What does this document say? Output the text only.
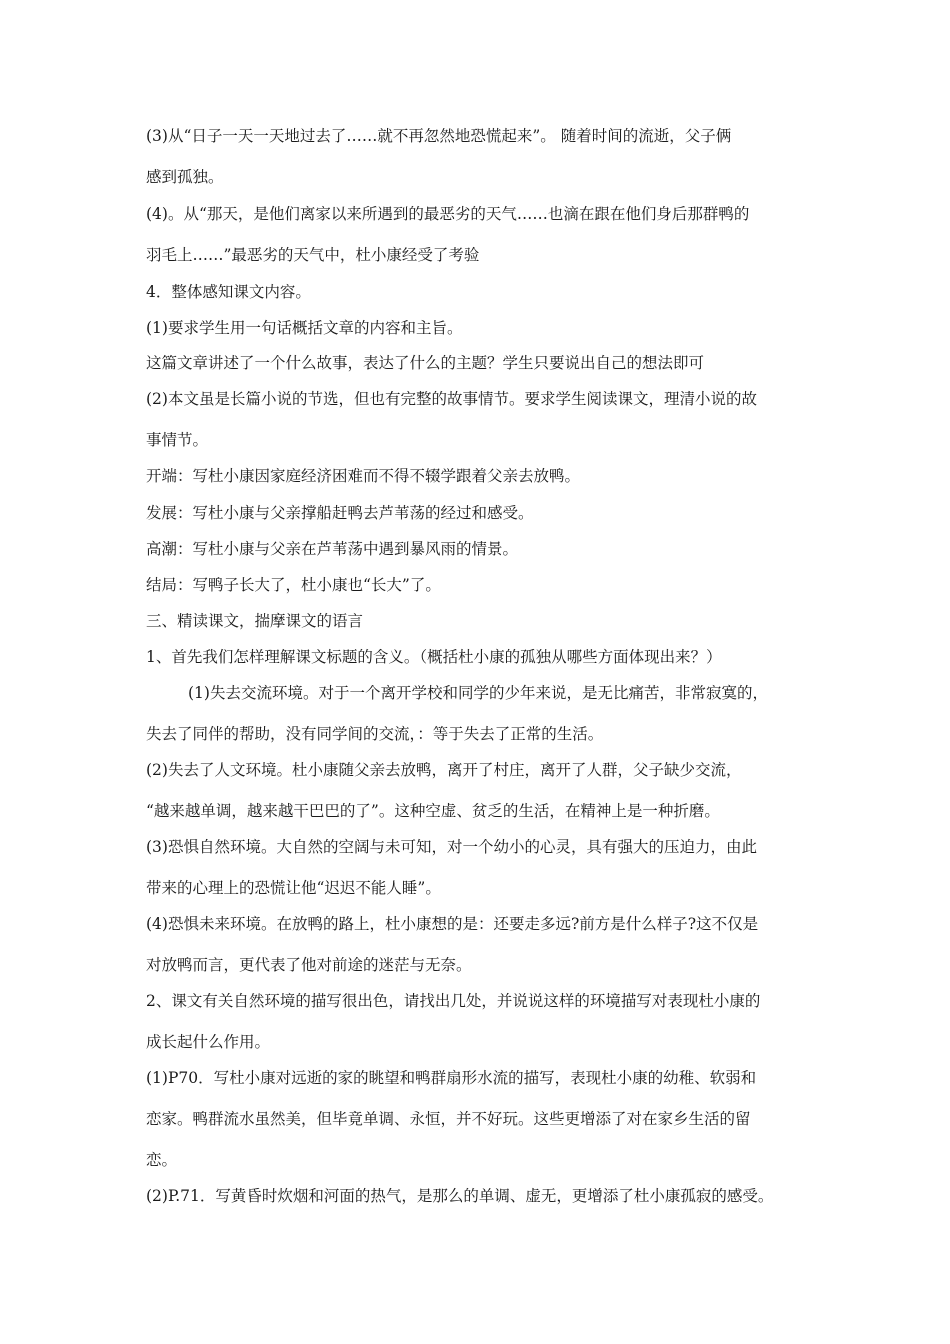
(3)从“日子一天一天地过去了……就不再忽然地恐慌起来”。 随着时间的流逝，父子俩
感到孤独。
(4)。从“那天，是他们离家以来所遇到的最恶劣的天气……也滴在跟在他们身后那群鸭的
羽毛上……”最恶劣的天气中，杜小康经受了考验
4．整体感知课文内容。
(1)要求学生用一句话概括文章的内容和主旨。
这篇文章讲述了一个什么故事，表达了什么的主题？学生只要说出自己的想法即可
(2)本文虽是长篇小说的节选，但也有完整的故事情节。要求学生阅读课文，理清小说的故
事情节。
开端：写杜小康因家庭经济困难而不得不辍学跟着父亲去放鸭。
发展：写杜小康与父亲撑船赶鸭去芦苇荡的经过和感受。
高潮：写杜小康与父亲在芦苇荡中遇到暴风雨的情景。
结局：写鸭子长大了，杜小康也“长大”了。
三、精读课文，揣摩课文的语言
1、首先我们怎样理解课文标题的含义。（概括杜小康的孤独从哪些方面体现出来？）
(1)失去交流环境。对于一个离开学校和同学的少年来说，是无比痛苦，非常寂寞的，
失去了同伴的帮助，没有同学间的交流，：等于失去了正常的生活。
(2)失去了人文环境。杜小康随父亲去放鸭，离开了村庄，离开了人群，父子缺少交流，
“越来越单调，越来越干巴巴的了”。这种空虚、贫乏的生活，在精神上是一种折磨。
(3)恐惧自然环境。大自然的空阔与未可知，对一个幼小的心灵，具有强大的压迫力，由此
带来的心理上的恐慌让他“迟迟不能人睡”。
(4)恐惧未来环境。在放鸭的路上，杜小康想的是：还要走多远?前方是什么样子?这不仅是
对放鸭而言，更代表了他对前途的迷茫与无奈。
2、课文有关自然环境的描写很出色，请找出几处，并说说这样的环境描写对表现杜小康的
成长起什么作用。
(1)P70．写杜小康对远逝的家的眺望和鸭群扇形水流的描写，表现杜小康的幼稚、软弱和
恋家。鸭群流水虽然美，但毕竟单调、永恒，并不好玩。这些更增添了对在家乡生活的留
恋。
(2)P.71．写黄昏时炊烟和河面的热气，是那么的单调、虚无，更增添了杜小康孤寂的感受。
